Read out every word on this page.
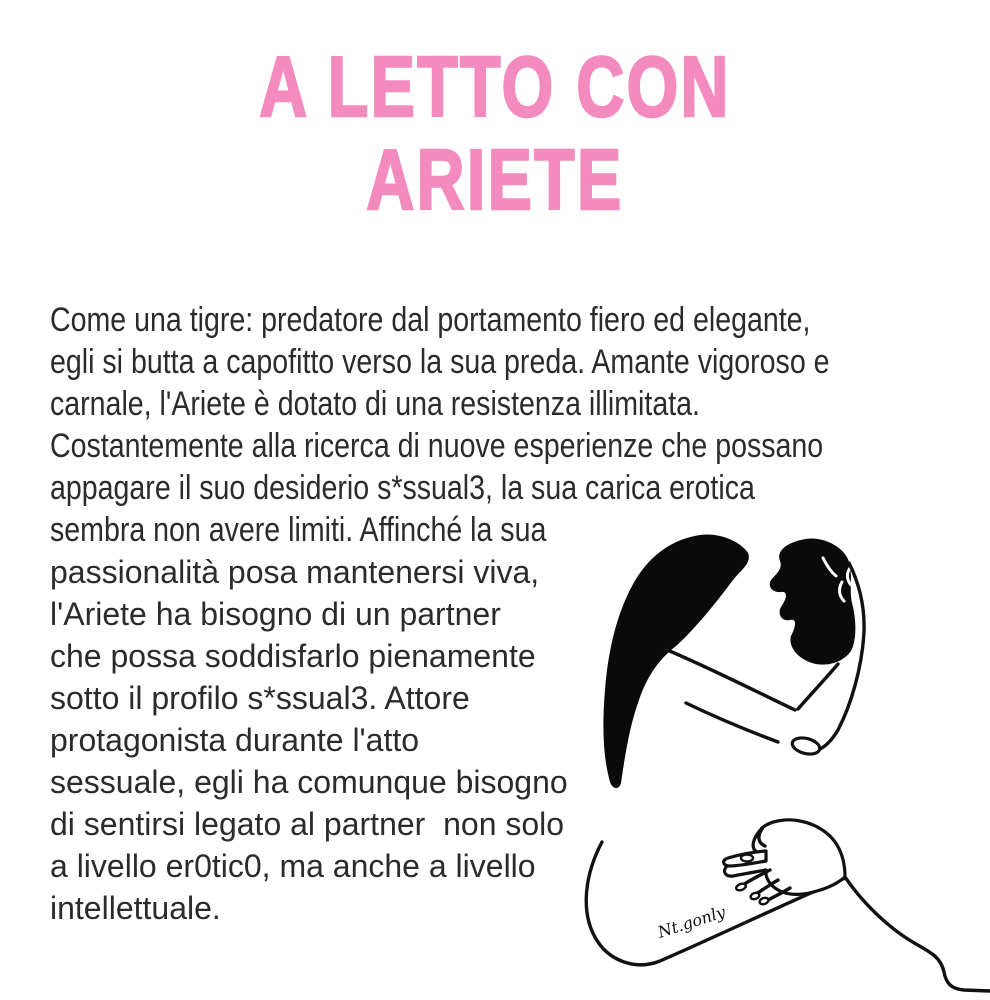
A LETTO CON
ARIETE
Come una tigre: predatore dal portamento fiero ed elegante,
egli si butta a capofitto verso la sua preda. Amante vigoroso e
carnale, l'Ariete è dotato di una resistenza illimitata.
Costantemente alla ricerca di nuove esperienze che possano
appagare il suo desiderio s*ssual3, la sua carica erotica
sembra non avere limiti. Affinché la sua
passionalità posa mantenersi viva,
l'Ariete ha bisogno di un partner
che possa soddisfarlo pienamente
sotto il profilo s*ssual3. Attore
protagonista durante l'atto
sessuale, egli ha comunque bisogno
di sentirsi legato al partner  non solo
a livello er0tic0, ma anche a livello
intellettuale.	Nt.gonly
